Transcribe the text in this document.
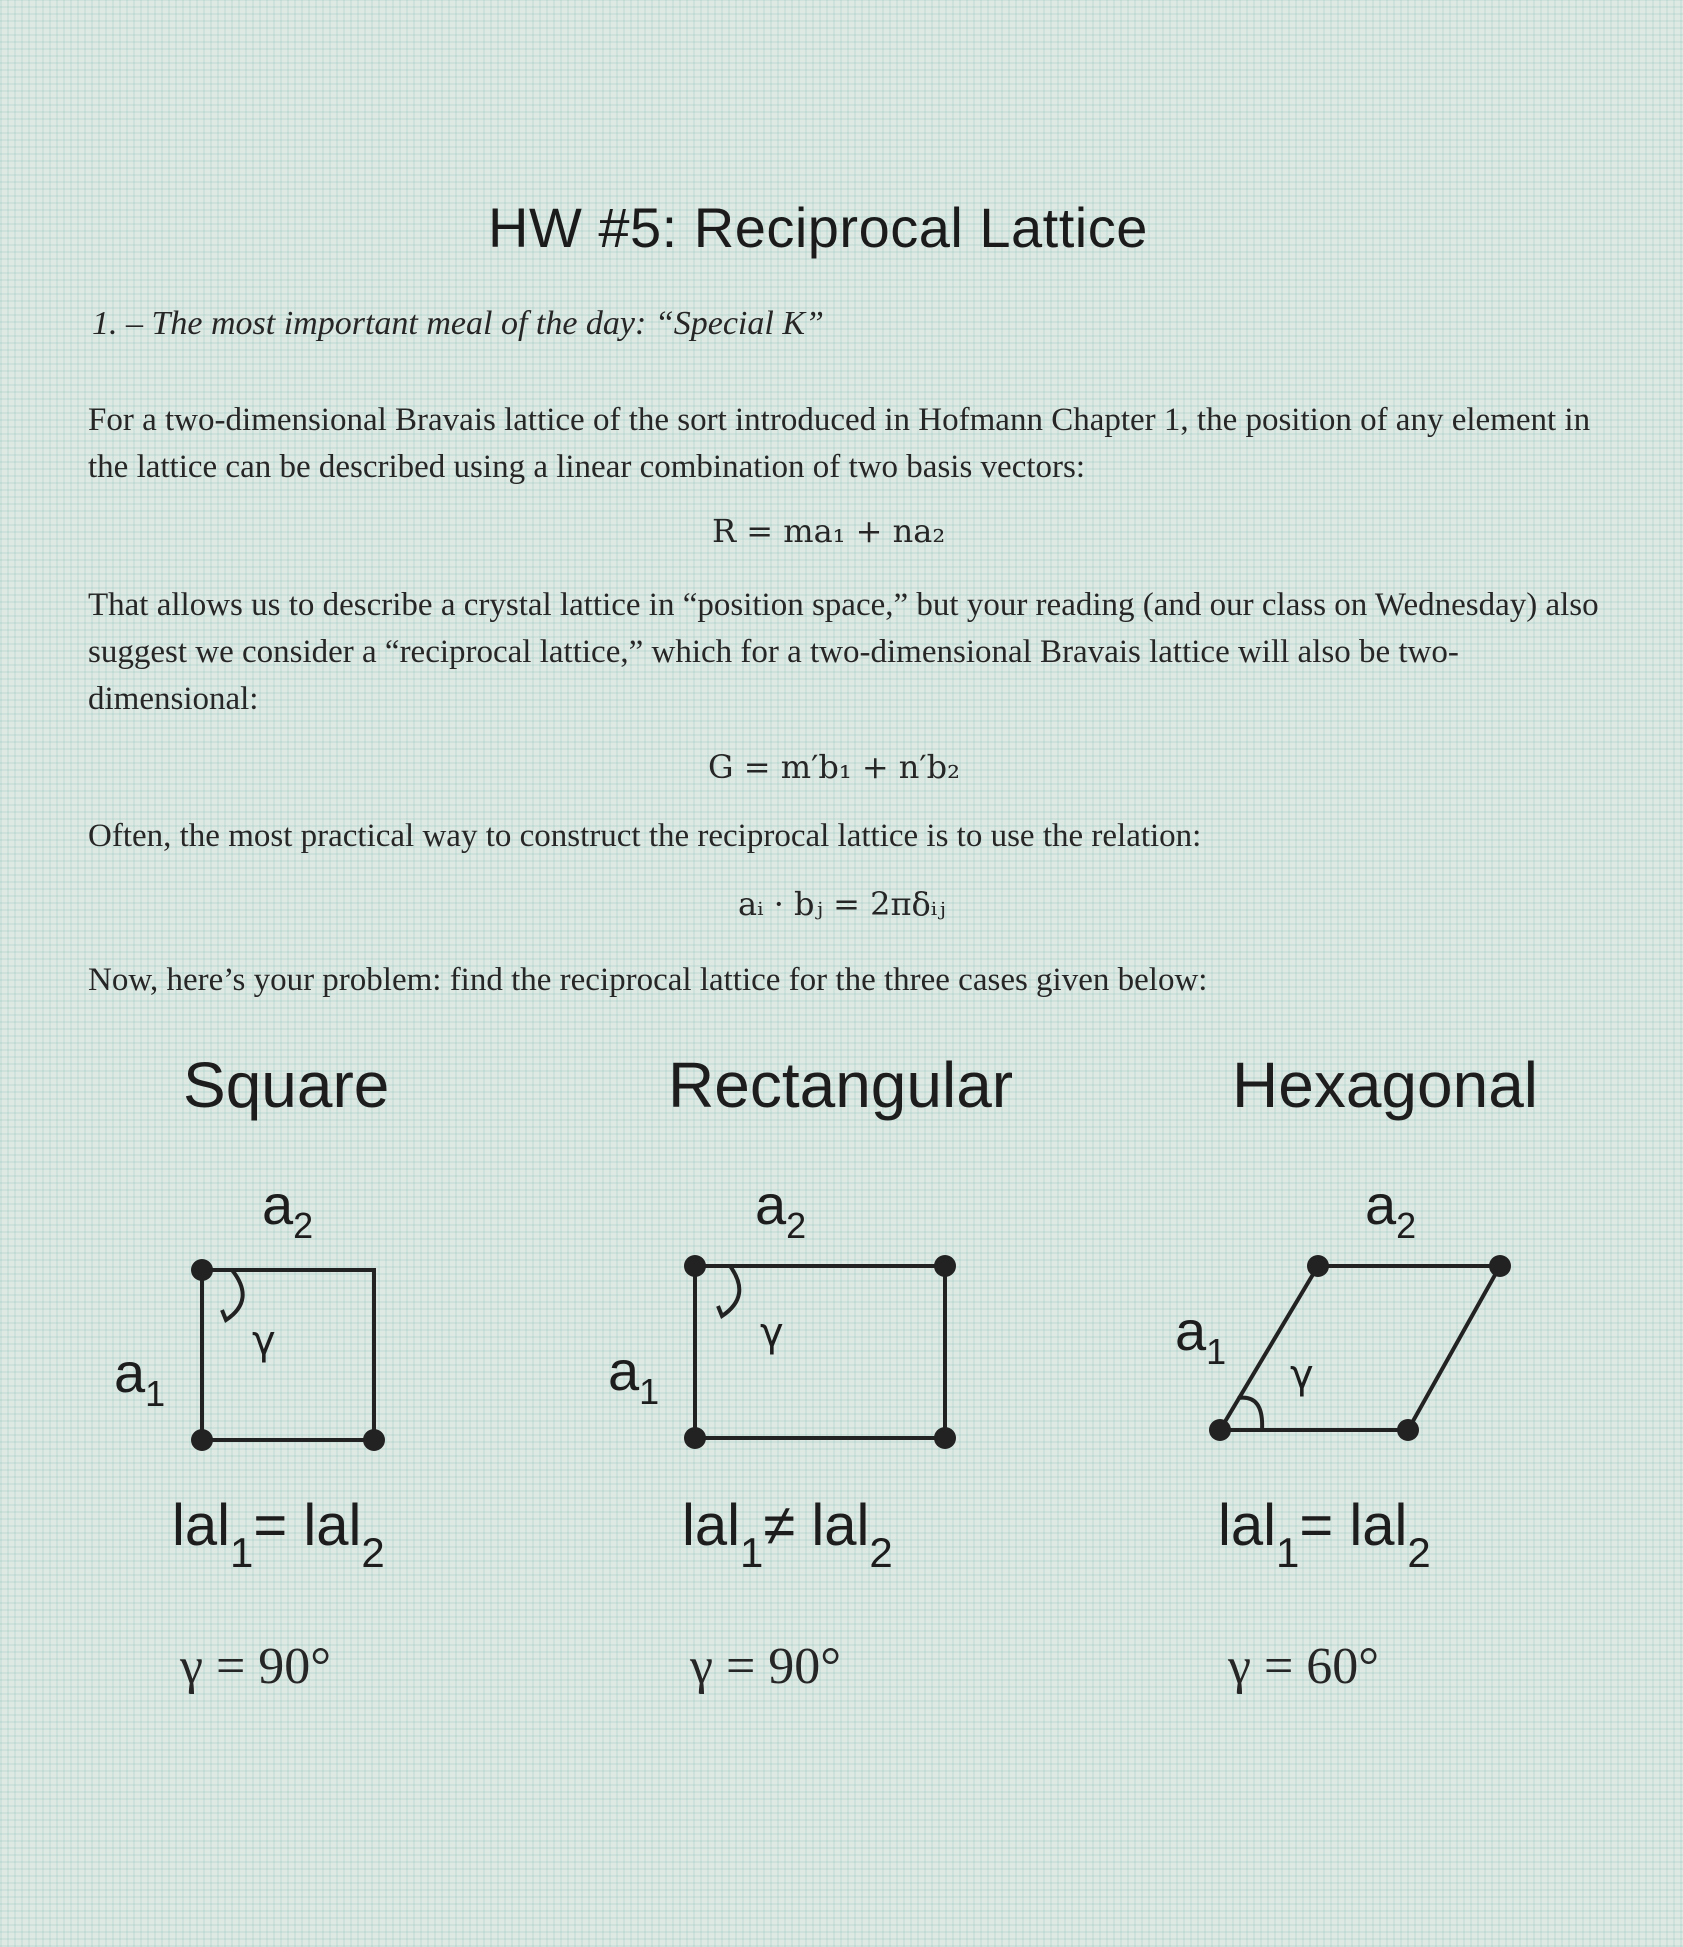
HW #5: Reciprocal Lattice
1. – The most important meal of the day: “Special K”
For a two-dimensional Bravais lattice of the sort introduced in Hofmann Chapter 1, the position of any element in the lattice can be described using a linear combination of two basis vectors:
R = ma₁ + na₂
That allows us to describe a crystal lattice in “position space,” but your reading (and our class on Wednesday) also suggest we consider a “reciprocal lattice,” which for a two-dimensional Bravais lattice will also be two-dimensional:
G = m′b₁ + n′b₂
Often, the most practical way to construct the reciprocal lattice is to use the relation:
aᵢ · bⱼ = 2πδᵢⱼ
Now, here’s your problem: find the reciprocal lattice for the three cases given below:
Square	Rectangular	Hexagonal
$a_2$
$a_1$
γ
$a_2$
$a_1$
γ
$a_2$
$a_1$
γ
lal$_1$= lal$_2$	lal$_1$≠ lal$_2$	lal$_1$= lal$_2$
γ = 90°	γ = 90°	γ = 60°
